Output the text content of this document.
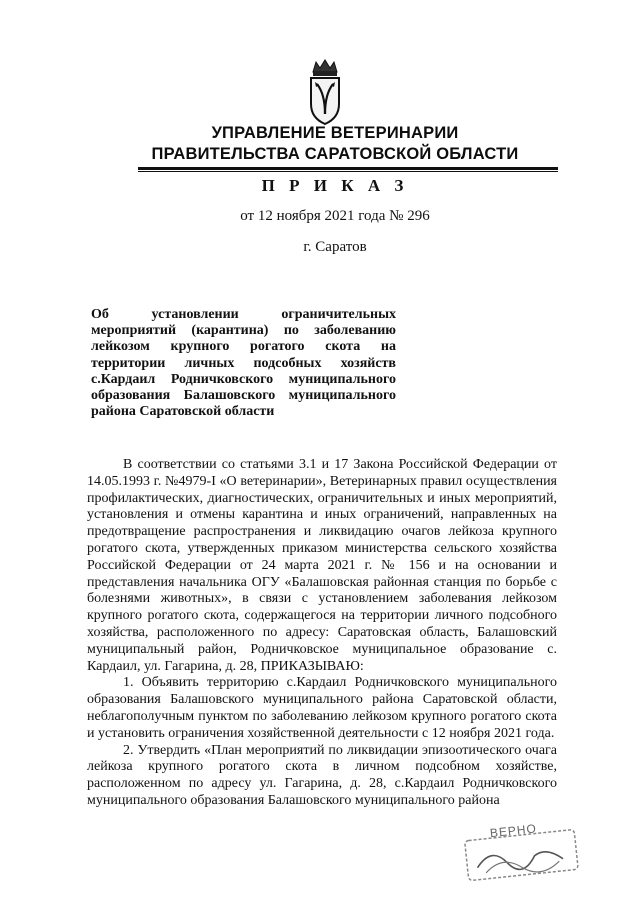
УПРАВЛЕНИЕ ВЕТЕРИНАРИИ
ПРАВИТЕЛЬСТВА САРАТОВСКОЙ ОБЛАСТИ
П Р И К А З
от 12 ноября 2021 года № 296
г. Саратов
Об установлении ограничительных мероприятий (карантина) по заболеванию лейкозом крупного рогатого скота на территории личных подсобных хозяйств с.Кардаил Родничковского муниципального образования Балашовского муниципального района Саратовской области

В соответствии со статьями 3.1 и 17 Закона Российской Федерации от 14.05.1993 г. №4979-I «О ветеринарии», Ветеринарных правил осуществления профилактических, диагностических, ограничительных и иных мероприятий, установления и отмены карантина и иных ограничений, направленных на предотвращение распространения и ликвидацию очагов лейкоза крупного рогатого скота, утвержденных приказом министерства сельского хозяйства Российской Федерации от 24 марта 2021 г. № 156 и на основании и представления начальника ОГУ «Балашовская районная станция по борьбе с болезнями животных», в связи с установлением заболевания лейкозом крупного рогатого скота, содержащегося на территории личного подсобного хозяйства, расположенного по адресу: Саратовская область, Балашовский муниципальный район, Родничковское муниципальное образование с. Кардаил, ул. Гагарина, д. 28, ПРИКАЗЫВАЮ:

1. Объявить территорию с.Кардаил Родничковского муниципального образования Балашовского муниципального района Саратовской области, неблагополучным пунктом по заболеванию лейкозом крупного рогатого скота и установить ограничения хозяйственной деятельности с 12 ноября 2021 года.

2. Утвердить «План мероприятий по ликвидации эпизоотического очага лейкоза крупного рогатого скота в личном подсобном хозяйстве, расположенном по адресу ул. Гагарина, д. 28, с.Кардаил Родничковского муниципального образования Балашовского муниципального района

ВЕРНО
